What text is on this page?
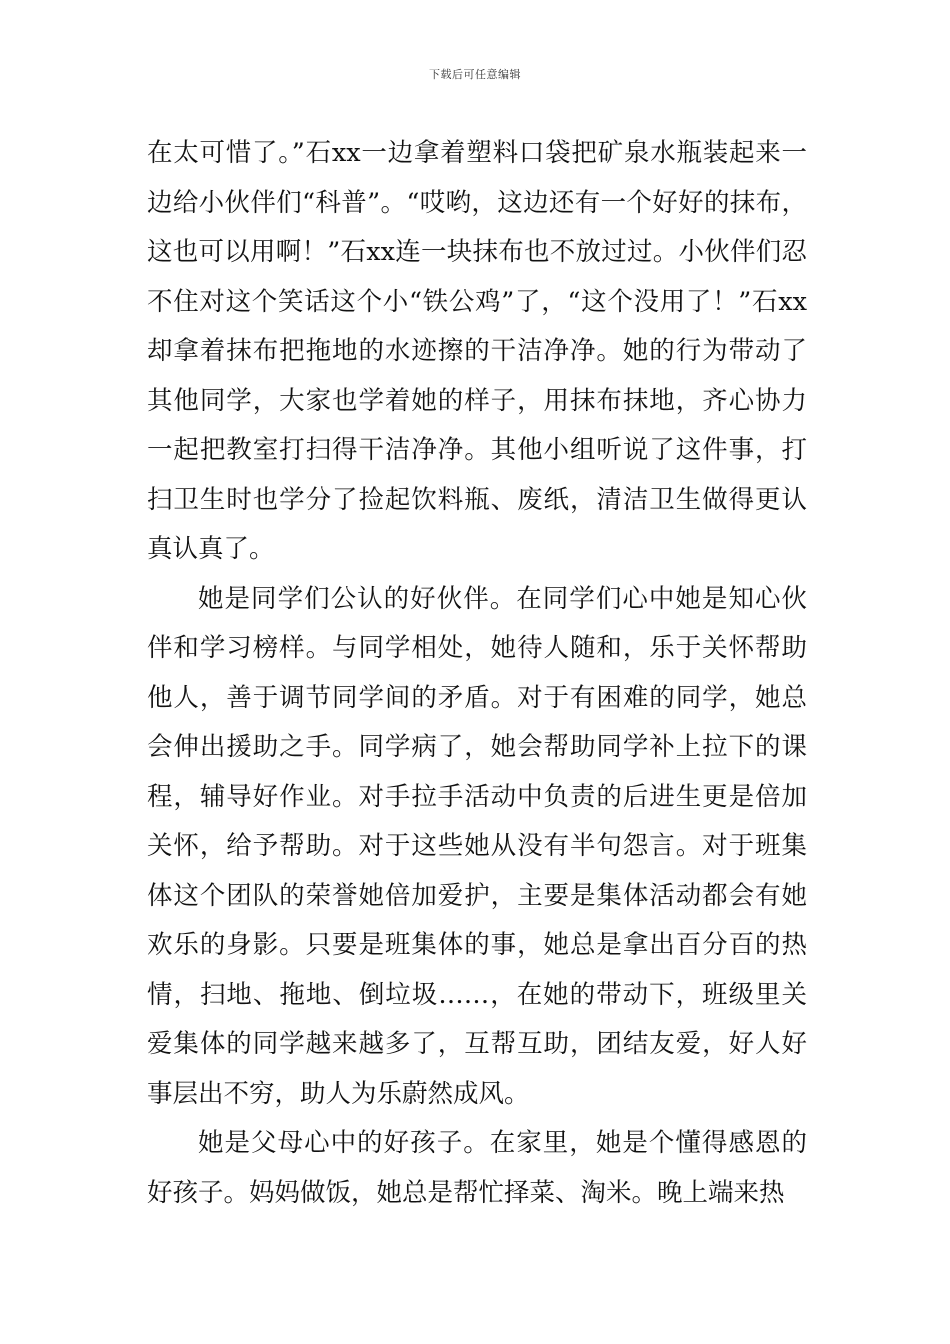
下载后可任意编辑

在太可惜了。”石xx一边拿着塑料口袋把矿泉水瓶装起来一边给小伙伴们“科普”。“哎哟，这边还有一个好好的抹布，这也可以用啊！”石xx连一块抹布也不放过过。小伙伴们忍不住对这个笑话这个小“铁公鸡”了，“这个没用了！”石xx却拿着抹布把拖地的水迹擦的干洁净净。她的行为带动了其他同学，大家也学着她的样子，用抹布抹地，齐心协力一起把教室打扫得干洁净净。其他小组听说了这件事，打扫卫生时也学分了捡起饮料瓶、废纸，清洁卫生做得更认真认真了。

她是同学们公认的好伙伴。在同学们心中她是知心伙伴和学习榜样。与同学相处，她待人随和，乐于关怀帮助他人，善于调节同学间的矛盾。对于有困难的同学，她总会伸出援助之手。同学病了，她会帮助同学补上拉下的课程，辅导好作业。对手拉手活动中负责的后进生更是倍加关怀，给予帮助。对于这些她从没有半句怨言。对于班集体这个团队的荣誉她倍加爱护，主要是集体活动都会有她欢乐的身影。只要是班集体的事，她总是拿出百分百的热情，扫地、拖地、倒垃圾……，在她的带动下，班级里关爱集体的同学越来越多了，互帮互助，团结友爱，好人好事层出不穷，助人为乐蔚然成风。

她是父母心中的好孩子。在家里，她是个懂得感恩的好孩子。妈妈做饭，她总是帮忙择菜、淘米。晚上端来热
